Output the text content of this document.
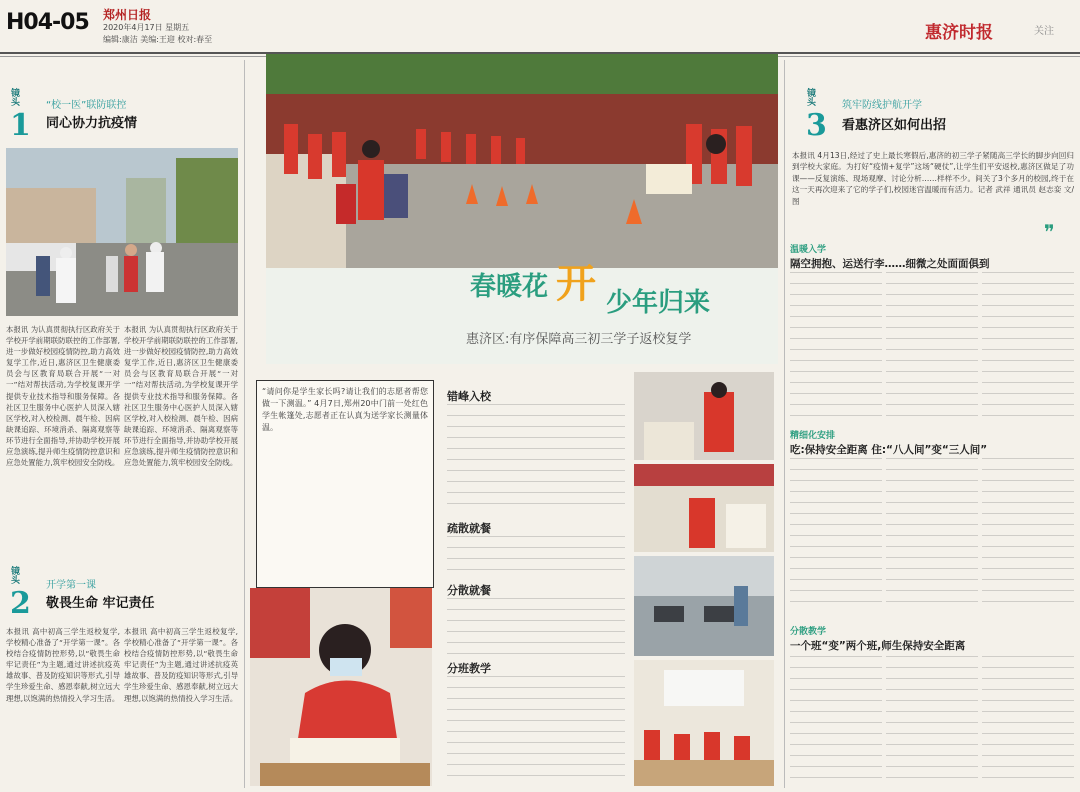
H04-05 郑州日报
2020年4月17日 星期五
编辑:康洁 美编:王迎 校对:春至	惠济时报	关注
镜头
1
“校一医”联防联控
同心协力抗疫情
本报讯 为认真贯彻执行区政府关于学校开学前期联防联控的工作部署,进一步做好校园疫情防控,助力高效复学工作,近日,惠济区卫生健康委员会与区教育局联合开展“一对一”结对帮扶活动,为学校复课开学提供专业技术指导和服务保障。各社区卫生服务中心医护人员深入辖区学校,对入校检测、晨午检、因病缺课追踪、环境消杀、隔离观察等环节进行全面指导,并协助学校开展应急演练,提升师生疫情防控意识和应急处置能力,筑牢校园安全防线。
本报讯 为认真贯彻执行区政府关于学校开学前期联防联控的工作部署,进一步做好校园疫情防控,助力高效复学工作,近日,惠济区卫生健康委员会与区教育局联合开展“一对一”结对帮扶活动,为学校复课开学提供专业技术指导和服务保障。各社区卫生服务中心医护人员深入辖区学校,对入校检测、晨午检、因病缺课追踪、环境消杀、隔离观察等环节进行全面指导,并协助学校开展应急演练,提升师生疫情防控意识和应急处置能力,筑牢校园安全防线。
镜头
2
开学第一课
敬畏生命 牢记责任
本报讯 高中初高三学生返校复学,学校精心准备了“开学第一课”。各校结合疫情防控形势,以“敬畏生命 牢记责任”为主题,通过讲述抗疫英雄故事、普及防疫知识等形式,引导学生珍爱生命、感恩奉献,树立远大理想,以饱满的热情投入学习生活。
本报讯 高中初高三学生返校复学,学校精心准备了“开学第一课”。各校结合疫情防控形势,以“敬畏生命 牢记责任”为主题,通过讲述抗疫英雄故事、普及防疫知识等形式,引导学生珍爱生命、感恩奉献,树立远大理想,以饱满的热情投入学习生活。
春暖花 开 少年归来
惠济区:有序保障高三初三学子返校复学
“请问你是学生家长吗?请让我们的志愿者帮您做一下测温。” 4月7日,郑州20中门前一处红色学生帐篷处,志愿者正在认真为送学家长测量体温。
错峰入校
疏散就餐
分散就餐
分班教学
镜头
3
筑牢防线护航开学
看惠济区如何出招
本报讯 4月13日,经过了史上最长寒假后,惠济的初三学子紧随高三学长的脚步向回归到学校大家庭。为打好“疫情+复学”这场“硬仗”,让学生们平安返校,惠济区做足了功课——反复演练、现场观摩、讨论分析……样样不少。间关了3个多月的校园,终于在这一天再次迎来了它的学子们,校园迷宫温暖而有活力。记者 武祥 通讯员 赵志娈 文/图
❞
温暖入学
隔空拥抱、运送行李……细微之处面面俱到
精细化安排
吃:保持安全距离 住:“八人间”变“三人间”
分散教学
一个班“变”两个班,师生保持安全距离
